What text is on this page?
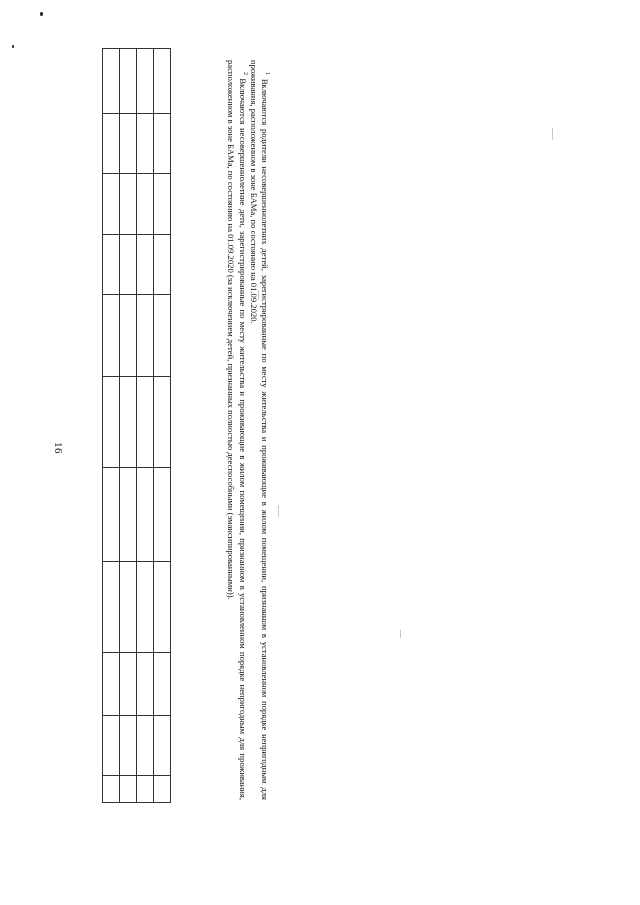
16

$^1$ Включаются родители несовершеннолетних детей, зарегистрированные по месту жительства и проживающие в жилом помещении, признанном в установленном порядке непригодным для проживания, расположенном в зоне БАМа, по состоянию на 01.09.2020.

$^2$ Включаются несовершеннолетние дети, зарегистрированные по месту жительства и проживающие в жилом помещении, признанном в установленном порядке непригодным для проживания, расположенном в зоне БАМа, по состоянию на 01.09.2020 (за исключением детей, признанных полностью дееспособными (эмансипированными)).
